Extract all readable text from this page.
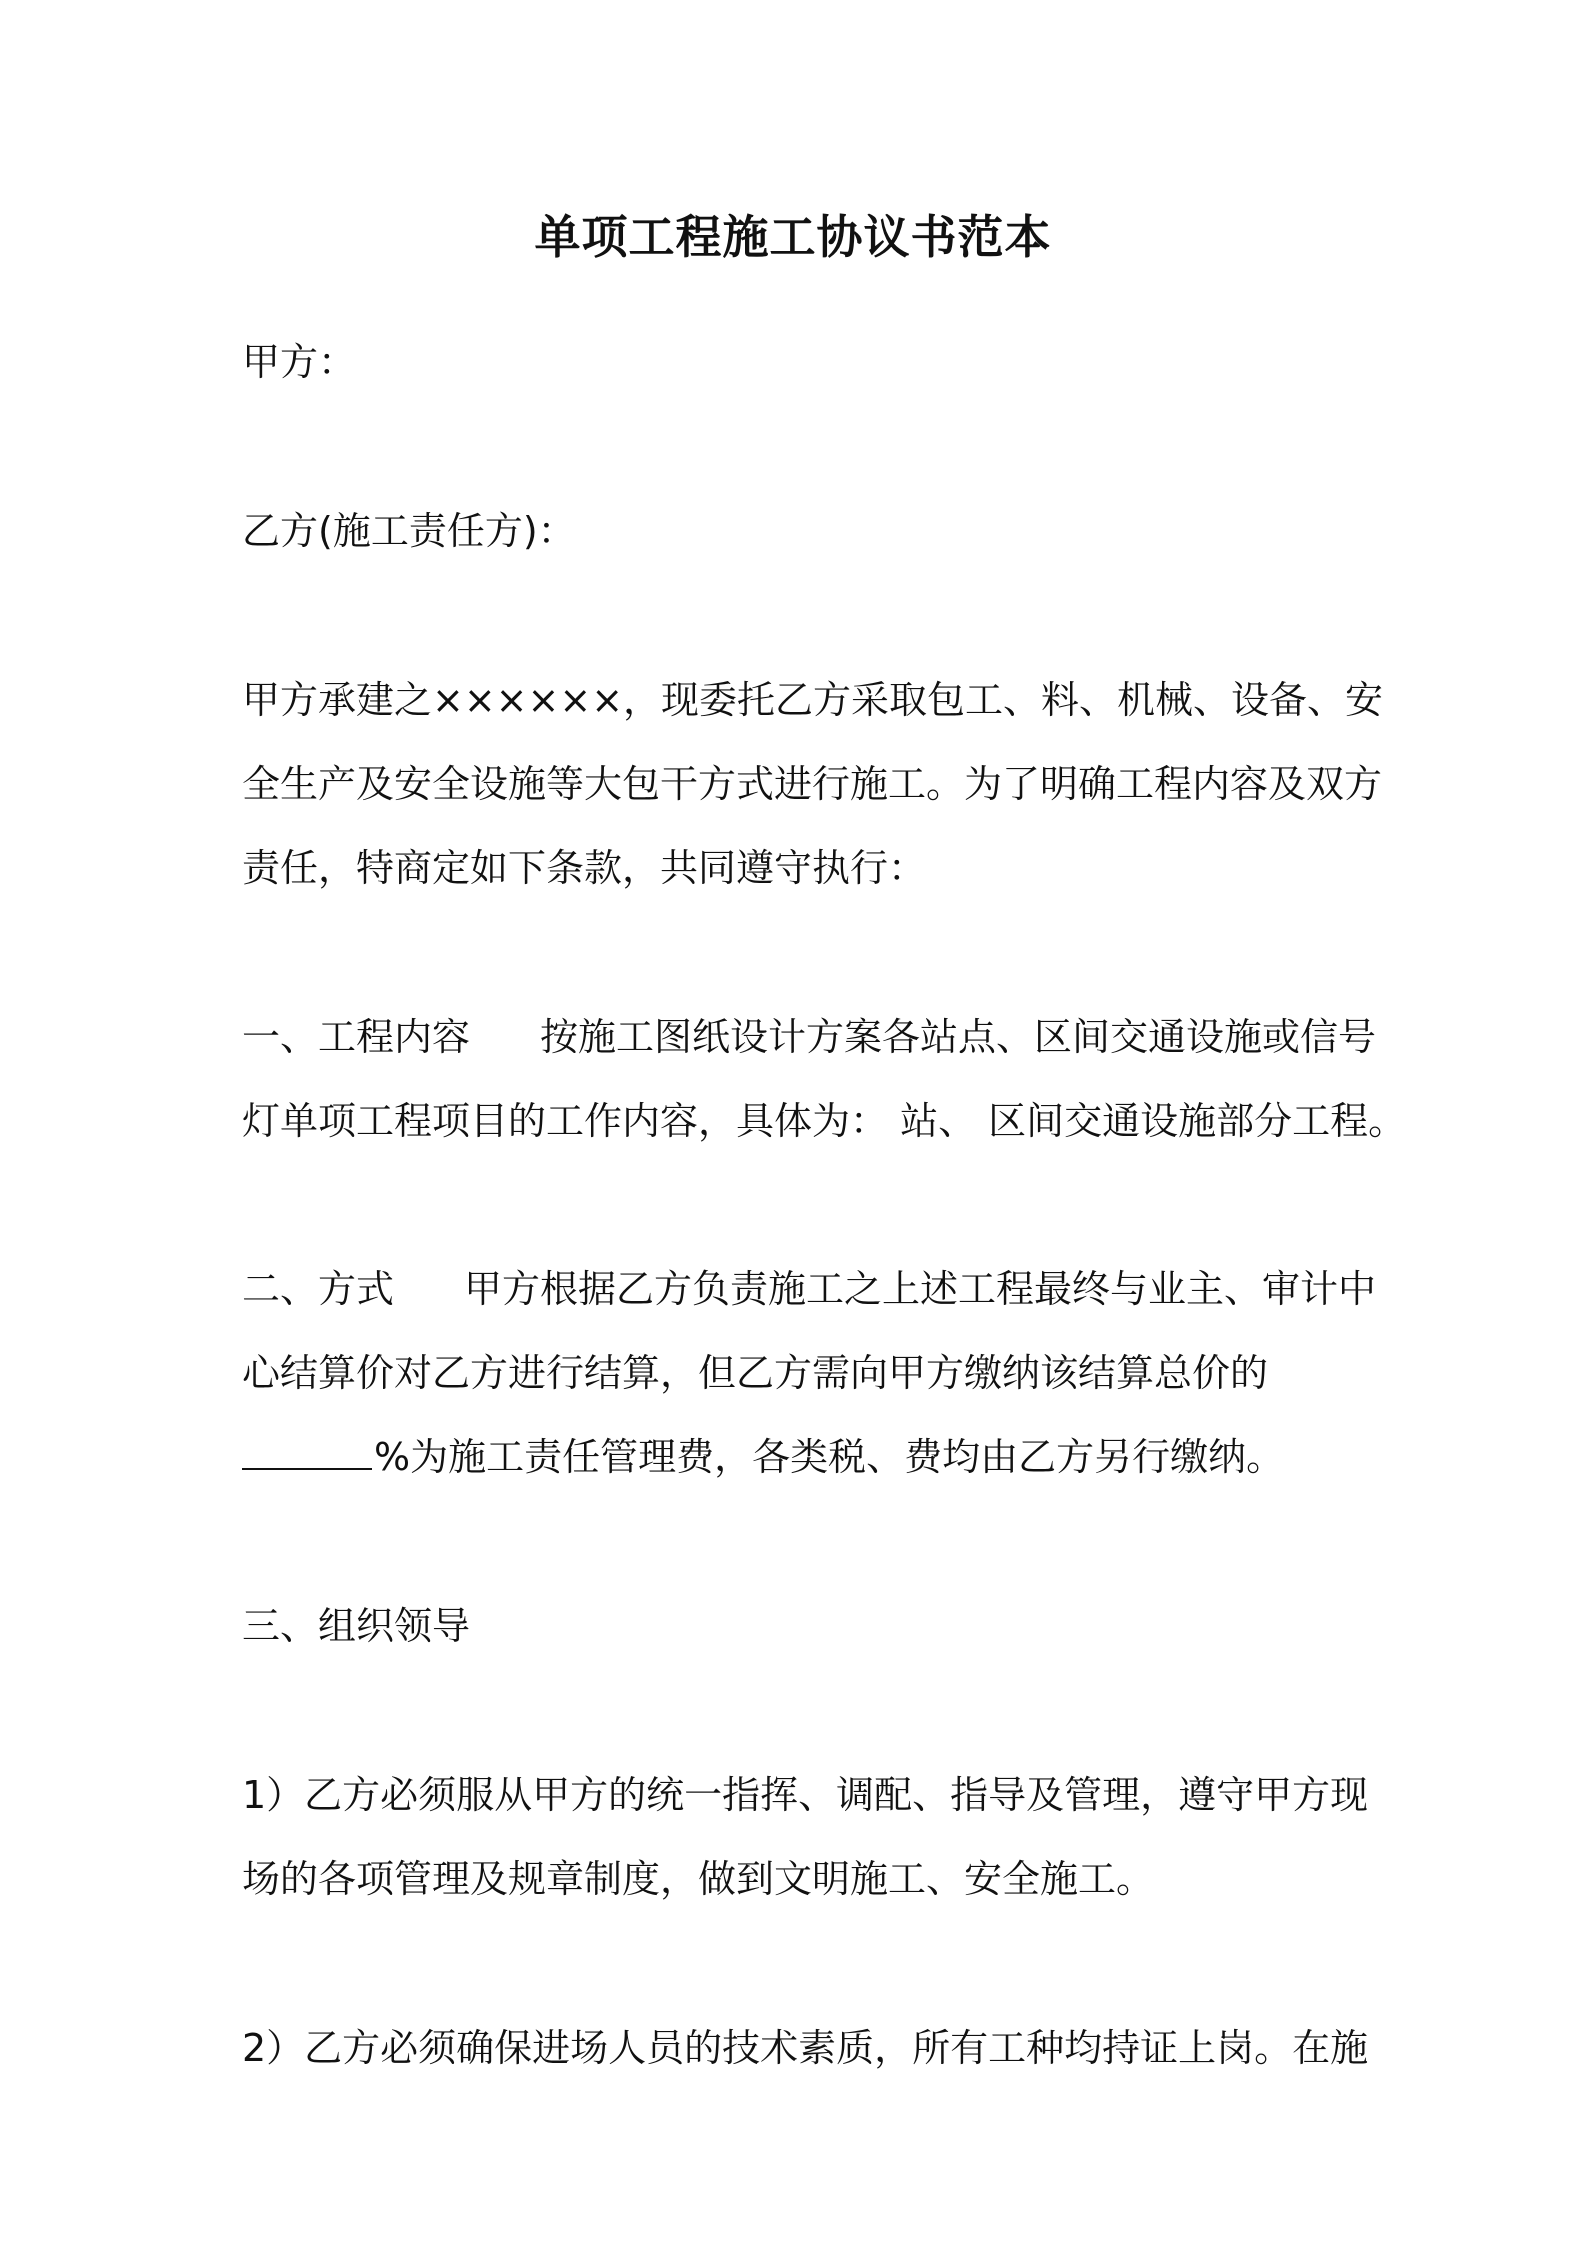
单项工程施工协议书范本
甲方：
乙方(施工责任方)：
甲方承建之××××××，现委托乙方采取包工、料、机械、设备、安
全生产及安全设施等大包干方式进行施工。为了明确工程内容及双方
责任，特商定如下条款，共同遵守执行：
一、工程内容 按施工图纸设计方案各站点、区间交通设施或信号
灯单项工程项目的工作内容，具体为： 站、 区间交通设施部分工程。
二、方式 甲方根据乙方负责施工之上述工程最终与业主、审计中
心结算价对乙方进行结算，但乙方需向甲方缴纳该结算总价的
%为施工责任管理费，各类税、费均由乙方另行缴纳。
三、组织领导
1）乙方必须服从甲方的统一指挥、调配、指导及管理，遵守甲方现
场的各项管理及规章制度，做到文明施工、安全施工。
2）乙方必须确保进场人员的技术素质，所有工种均持证上岗。在施
